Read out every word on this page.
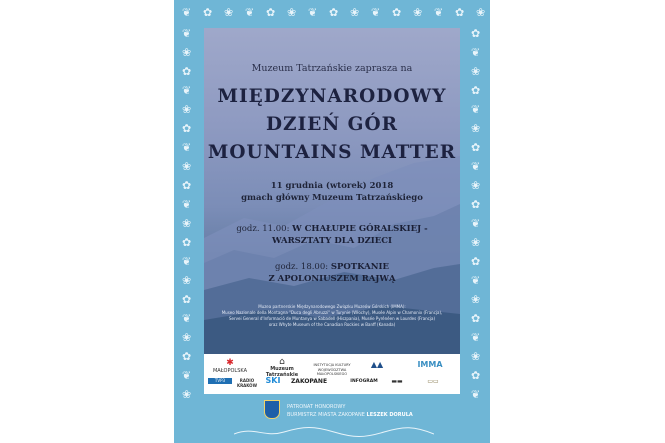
❦ ✿ ❀ ❦ ✿ ❀ ❦ ✿ ❀ ❦ ✿ ❀ ❦ ✿ ❀
❦	✿
❀	❦
✿	❀
❦	✿
❀	❦
✿	❀
❦	✿
❀	❦
✿	❀
❦	✿
❀	❦
✿	❀
❦	✿
❀	❦
✿	❀
❦	✿
❀	❦
✿	❀
❦	✿
❀	❦
Muzeum Tatrzańskie zaprasza na
MIĘDZYNARODOWY
DZIEŃ GÓR
MOUNTAINS MATTER
11 grudnia (wtorek) 2018
gmach główny Muzeum Tatrzańskiego
godz. 11.00: W CHAŁUPIE GÓRALSKIEJ -
WARSZTATY DLA DZIECI
godz. 18.00: SPOTKANIE
Z APOLONIUSZEM RAJWĄ
Muzea partnerskie Międzynarodowego Związku Muzeów Górskich (IMMA):
Museo Nazionale della Montagna "Duca degli Abruzzi" w Turynie (Włochy), Musée Alpin w Chamonix (Francja),
Servei General d'Informació de Muntanya w Sabadell (Hiszpania), Musée Pyrénéen w Lourdes (Francja)
oraz Whyte Museum of the Canadian Rockies w Banff (Kanada)
✱
MAŁOPOLSKA
⌂
Muzeum
Tatrzańskie
INSTYTUCJA KULTURY WOJEWÓDZTWA MAŁOPOLSKIEGO
▲▲	IMMA
TVP3	RADIO KRAKÓW
SKI ZAKOPANE	INFOGRAM	▬▬	▭▭
PATRONAT HONOROWY
BURMISTRZ MIASTA ZAKOPANE LESZEK DORULA
